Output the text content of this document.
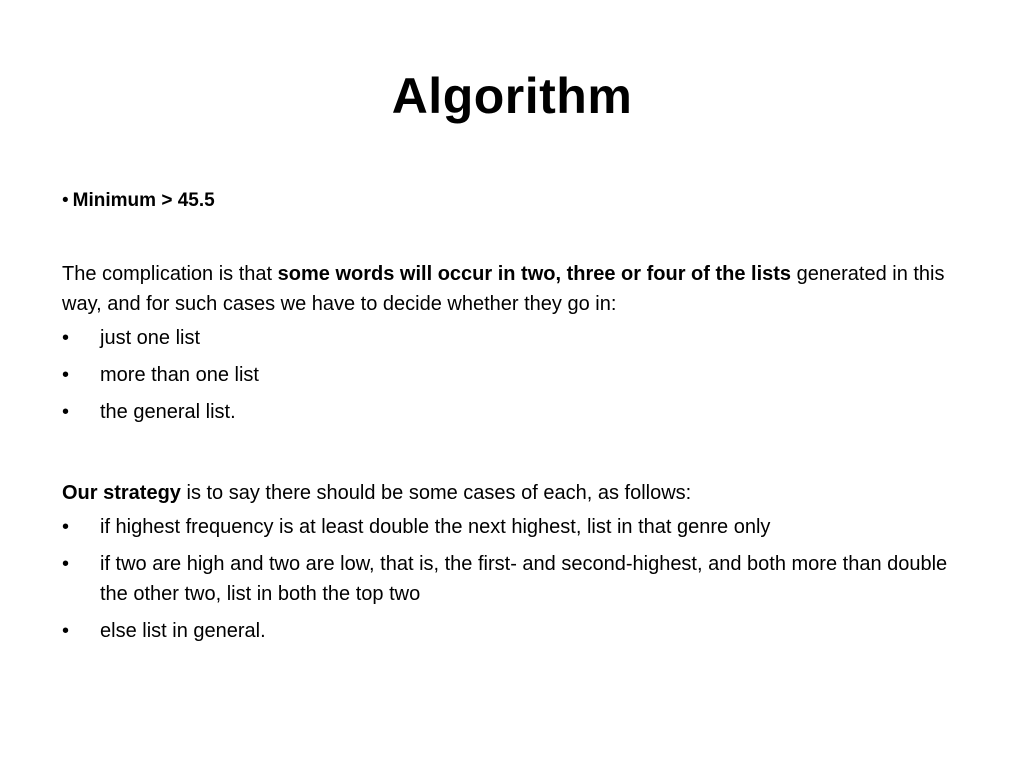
Algorithm

• Minimum > 45.5

The complication is that some words will occur in two, three or four of the lists generated in this way, and for such cases we have to decide whether they go in:

•	just one list
•	more than one list
•	the general list.

Our strategy is to say there should be some cases of each, as follows:

•	if highest frequency is at least double the next highest, list in that genre only
•	if two are high and two are low, that is, the first- and second-highest, and both more than double the other two, list in both the top two
•	else list in general.
